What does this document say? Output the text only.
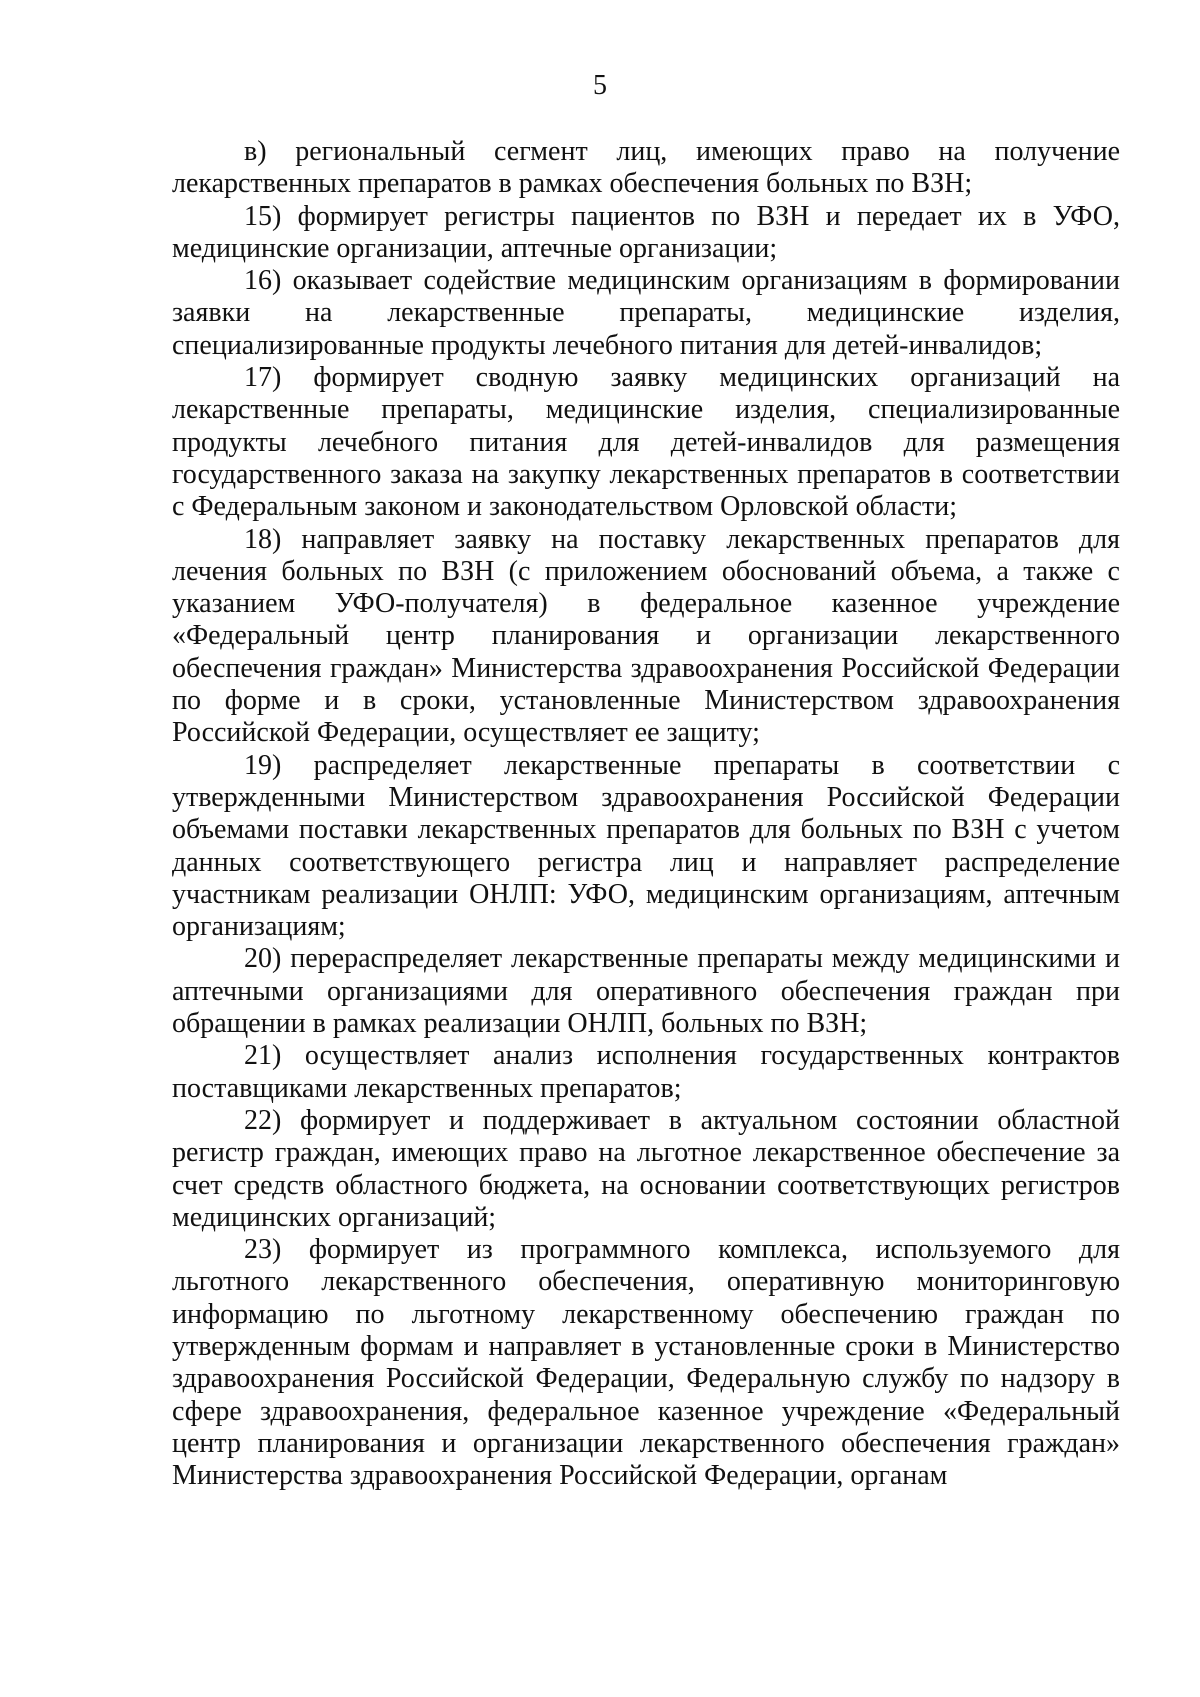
5

в) региональный сегмент лиц, имеющих право на получение лекарственных препаратов в рамках обеспечения больных по ВЗН;

15) формирует регистры пациентов по ВЗН и передает их в УФО, медицинские организации, аптечные организации;

16) оказывает содействие медицинским организациям в формировании заявки на лекарственные препараты, медицинские изделия, специализированные продукты лечебного питания для детей-инвалидов;

17) формирует сводную заявку медицинских организаций на лекарственные препараты, медицинские изделия, специализированные продукты лечебного питания для детей-инвалидов для размещения государственного заказа на закупку лекарственных препаратов в соответствии с Федеральным законом и законодательством Орловской области;

18) направляет заявку на поставку лекарственных препаратов для лечения больных по ВЗН (с приложением обоснований объема, а также с указанием УФО-получателя) в федеральное казенное учреждение «Федеральный центр планирования и организации лекарственного обеспечения граждан» Министерства здравоохранения Российской Федерации по форме и в сроки, установленные Министерством здравоохранения Российской Федерации, осуществляет ее защиту;

19) распределяет лекарственные препараты в соответствии с утвержденными Министерством здравоохранения Российской Федерации объемами поставки лекарственных препаратов для больных по ВЗН с учетом данных соответствующего регистра лиц и направляет распределение участникам реализации ОНЛП: УФО, медицинским организациям, аптечным организациям;

20) перераспределяет лекарственные препараты между медицинскими и аптечными организациями для оперативного обеспечения граждан при обращении в рамках реализации ОНЛП, больных по ВЗН;

21) осуществляет анализ исполнения государственных контрактов поставщиками лекарственных препаратов;

22) формирует и поддерживает в актуальном состоянии областной регистр граждан, имеющих право на льготное лекарственное обеспечение за счет средств областного бюджета, на основании соответствующих регистров медицинских организаций;

23) формирует из программного комплекса, используемого для льготного лекарственного обеспечения, оперативную мониторинговую информацию по льготному лекарственному обеспечению граждан по утвержденным формам и направляет в установленные сроки в Министерство здравоохранения Российской Федерации, Федеральную службу по надзору в сфере здравоохранения, федеральное казенное учреждение «Федеральный центр планирования и организации лекарственного обеспечения граждан» Министерства здравоохранения Российской Федерации, органам
